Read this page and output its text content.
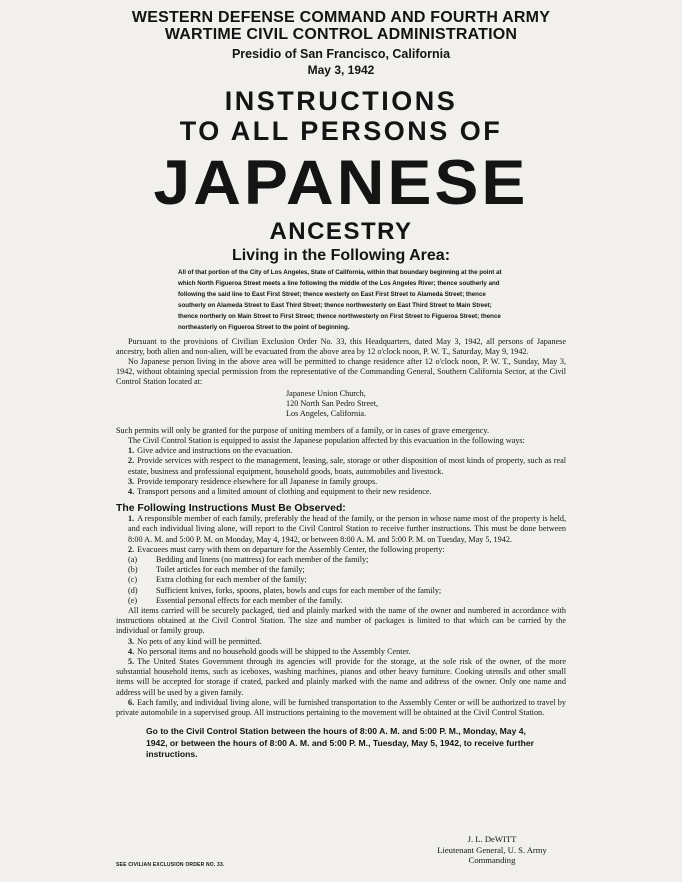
WESTERN DEFENSE COMMAND AND FOURTH ARMY
WARTIME CIVIL CONTROL ADMINISTRATION
Presidio of San Francisco, California
May 3, 1942
INSTRUCTIONS
TO ALL PERSONS OF
JAPANESE
ANCESTRY
Living in the Following Area:
All of that portion of the City of Los Angeles, State of California, within that boundary beginning at the point at which North Figueroa Street meets a line following the middle of the Los Angeles River; thence southerly and following the said line to East First Street; thence westerly on East First Street to Alameda Street; thence southerly on Alameda Street to East Third Street; thence northwesterly on East Third Street to Main Street; thence northerly on Main Street to First Street; thence northwesterly on First Street to Figueroa Street; thence northeasterly on Figueroa Street to the point of beginning.

Pursuant to the provisions of Civilian Exclusion Order No. 33, this Headquarters, dated May 3, 1942, all persons of Japanese ancestry, both alien and non-alien, will be evacuated from the above area by 12 o'clock noon, P. W. T., Saturday, May 9, 1942.

No Japanese person living in the above area will be permitted to change residence after 12 o'clock noon, P. W. T., Sunday, May 3, 1942, without obtaining special permission from the representative of the Commanding General, Southern California Sector, at the Civil Control Station located at:

Japanese Union Church,
120 North San Pedro Street,
Los Angeles, California.

Such permits will only be granted for the purpose of uniting members of a family, or in cases of grave emergency.

The Civil Control Station is equipped to assist the Japanese population affected by this evacuation in the following ways:

1. Give advice and instructions on the evacuation.
2. Provide services with respect to the management, leasing, sale, storage or other disposition of most kinds of property, such as real estate, business and professional equipment, household goods, boats, automobiles and livestock.
3. Provide temporary residence elsewhere for all Japanese in family groups.
4. Transport persons and a limited amount of clothing and equipment to their new residence.
The Following Instructions Must Be Observed:
1. A responsible member of each family, preferably the head of the family, or the person in whose name most of the property is held, and each individual living alone, will report to the Civil Control Station to receive further instructions. This must be done between 8:00 A. M. and 5:00 P. M. on Monday, May 4, 1942, or between 8:00 A. M. and 5:00 P. M. on Tuesday, May 5, 1942.
2. Evacuees must carry with them on departure for the Assembly Center, the following property:
(a)	Bedding and linens (no mattress) for each member of the family;
(b)	Toilet articles for each member of the family;
(c)	Extra clothing for each member of the family;
(d)	Sufficient knives, forks, spoons, plates, bowls and cups for each member of the family;
(e)	Essential personal effects for each member of the family.

All items carried will be securely packaged, tied and plainly marked with the name of the owner and numbered in accordance with instructions obtained at the Civil Control Station. The size and number of packages is limited to that which can be carried by the individual or family group.

3. No pets of any kind will be permitted.
4. No personal items and no household goods will be shipped to the Assembly Center.
5. The United States Government through its agencies will provide for the storage, at the sole risk of the owner, of the more substantial household items, such as iceboxes, washing machines, pianos and other heavy furniture. Cooking utensils and other small items will be accepted for storage if crated, packed and plainly marked with the name and address of the owner. Only one name and address will be used by a given family.
6. Each family, and individual living alone, will be furnished transportation to the Assembly Center or will be authorized to travel by private automobile in a supervised group. All instructions pertaining to the movement will be obtained at the Civil Control Station.
Go to the Civil Control Station between the hours of 8:00 A. M. and 5:00 P. M., Monday, May 4, 1942, or between the hours of 8:00 A. M. and 5:00 P. M., Tuesday, May 5, 1942, to receive further instructions.
J. L. DeWITT
Lieutenant General, U. S. Army
Commanding
SEE CIVILIAN EXCLUSION ORDER NO. 33.
